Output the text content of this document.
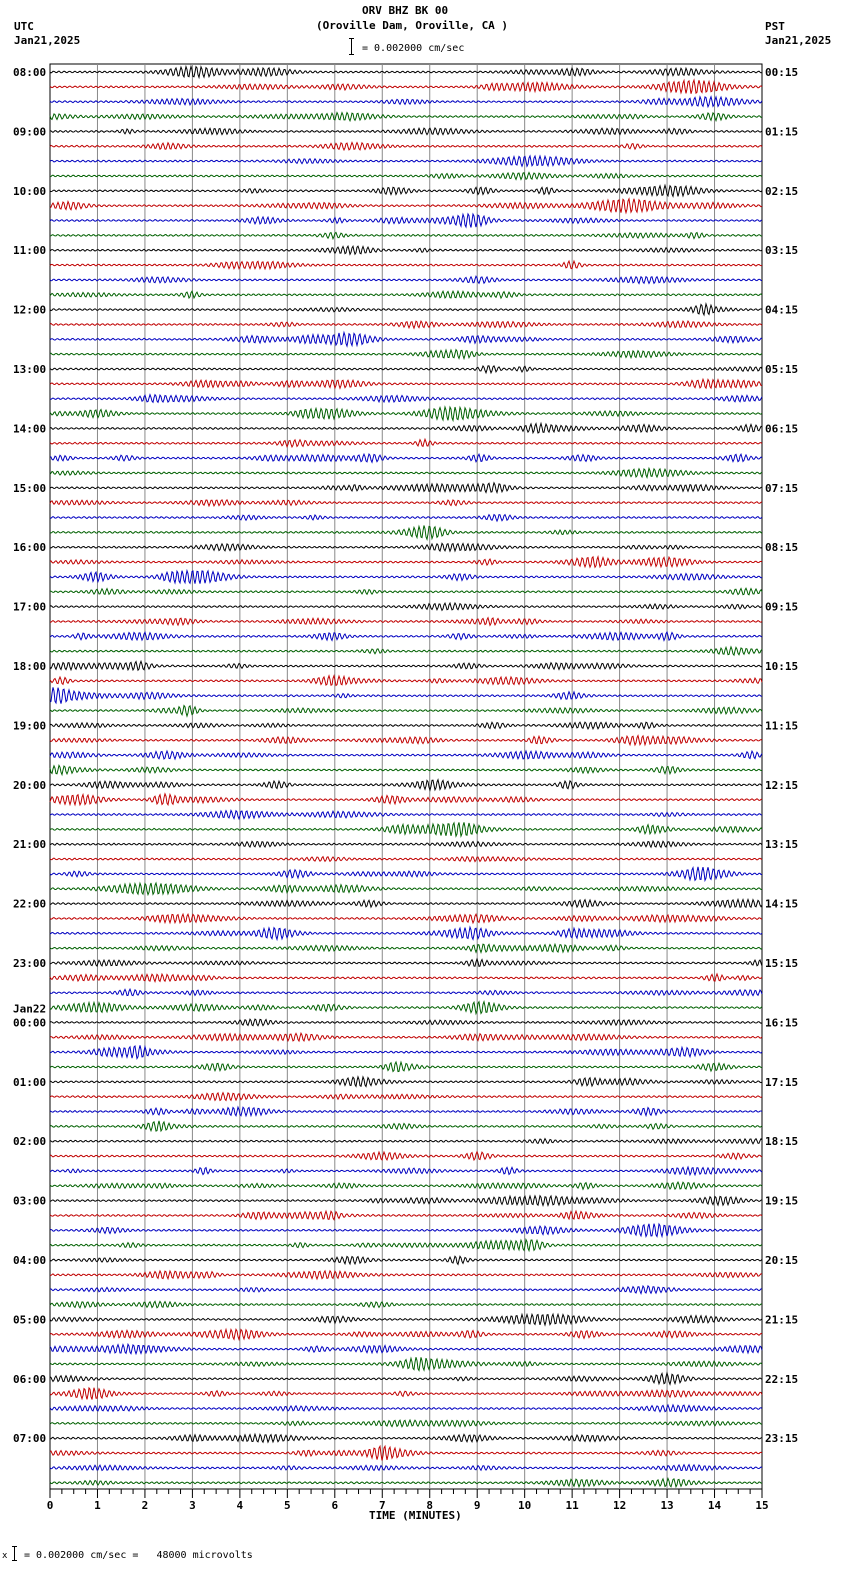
ORV BHZ BK 00
(Oroville Dam, Oroville, CA )
UTC
Jan21,2025
PST
Jan21,2025
= 0.002000 cm/sec
0	1	2	3	4	5	6	7	8	9	10	11	12	13	14	15
08:00
09:00
10:00
11:00
12:00
13:00
14:00
15:00
16:00
17:00
18:00
19:00
20:00
21:00
22:00
23:00
00:00
01:00
02:00
03:00
04:00
05:00
06:00
07:00
00:15
01:15
02:15
03:15
04:15
05:15
06:15
07:15
08:15
09:15
10:15
11:15
12:15
13:15
14:15
15:15
16:15
17:15
18:15
19:15
20:15
21:15
22:15
23:15
Jan22
TIME (MINUTES)
x = 0.002000 cm/sec =   48000 microvolts
